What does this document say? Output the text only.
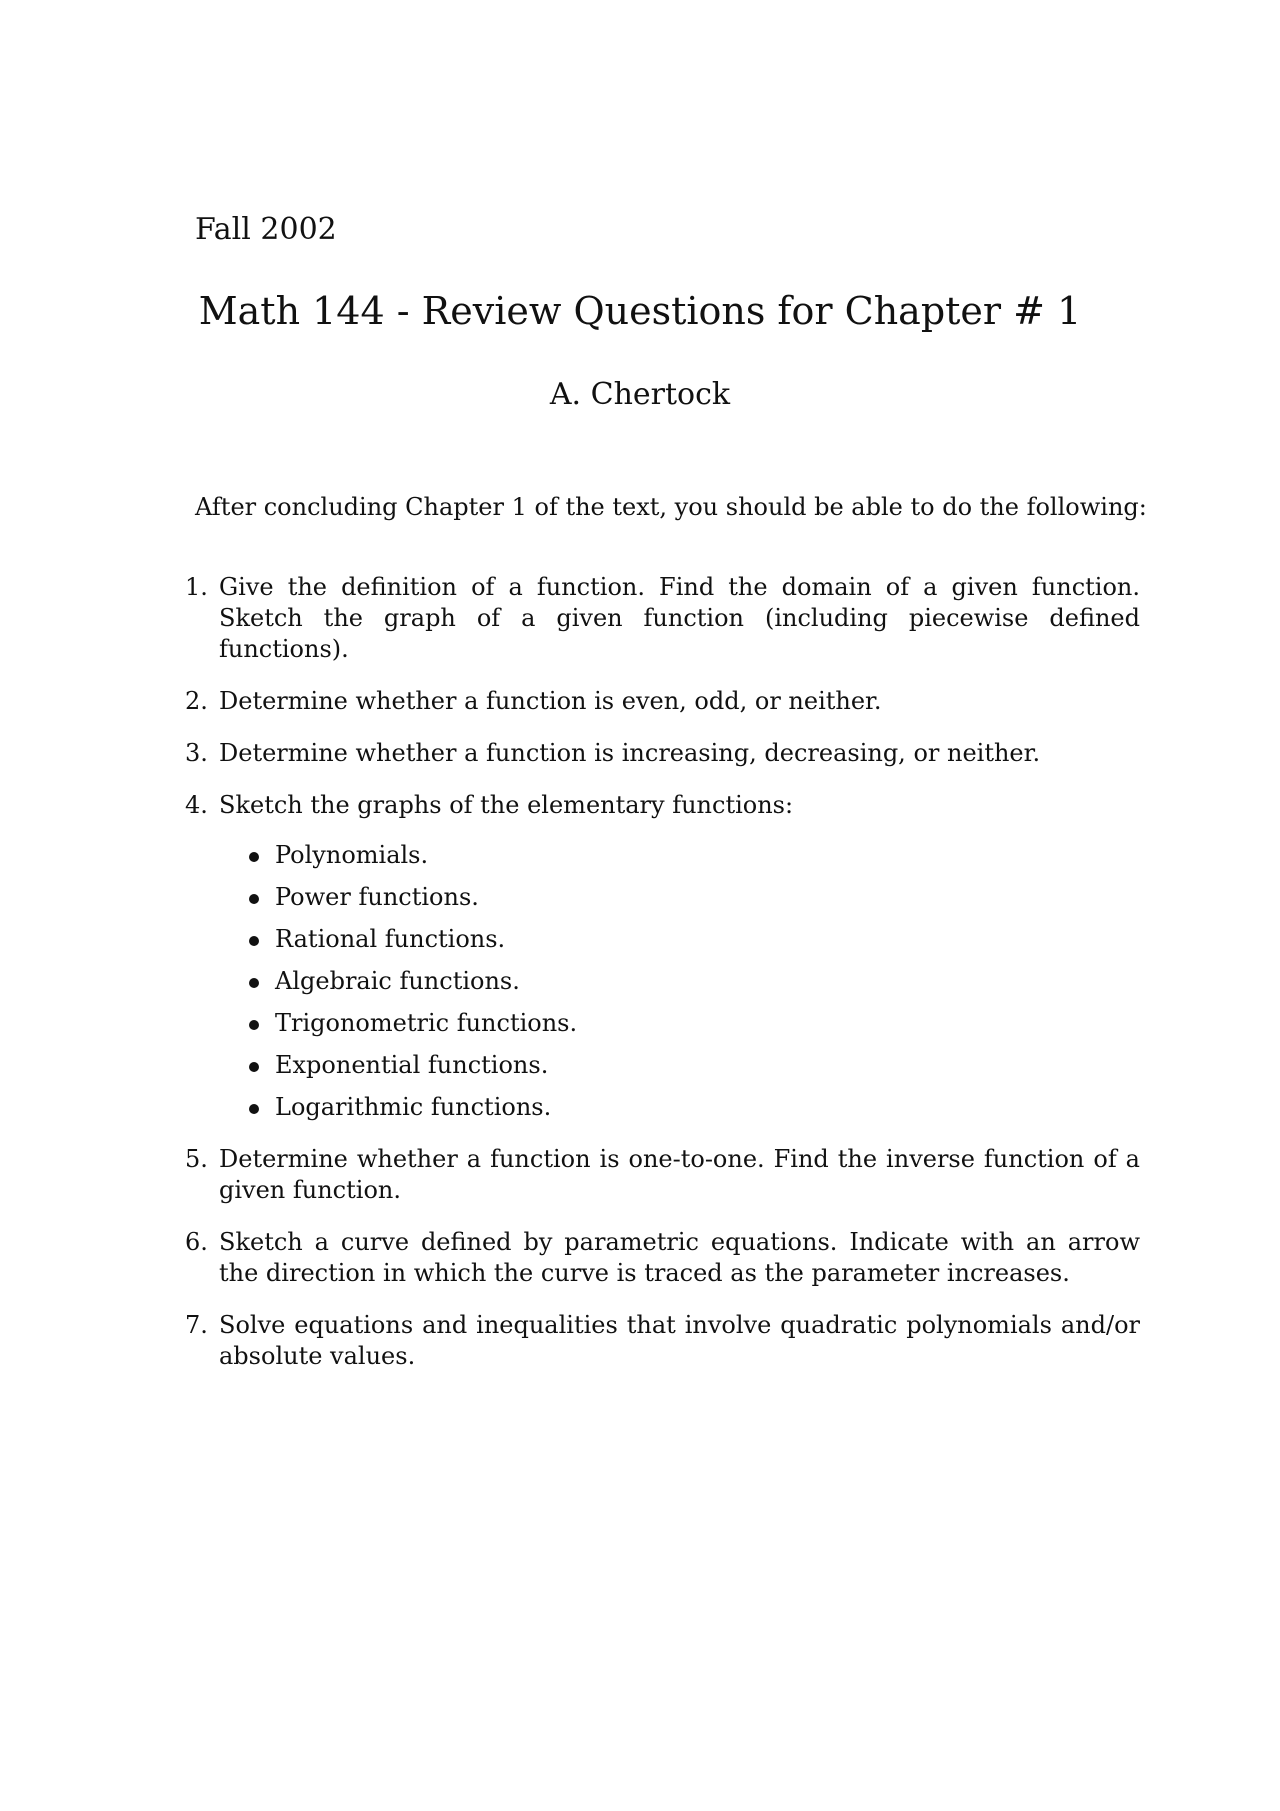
Fall 2002
Math 144 - Review Questions for Chapter # 1
A. Chertock
After concluding Chapter 1 of the text, you should be able to do the following:
1. Give the definition of a function. Find the domain of a given function. Sketch the graph of a given function (including piecewise defined functions).
2. Determine whether a function is even, odd, or neither.
3. Determine whether a function is increasing, decreasing, or neither.
4. Sketch the graphs of the elementary functions:
Polynomials.
Power functions.
Rational functions.
Algebraic functions.
Trigonometric functions.
Exponential functions.
Logarithmic functions.
5. Determine whether a function is one-to-one. Find the inverse function of a given function.
6. Sketch a curve defined by parametric equations. Indicate with an arrow the direction in which the curve is traced as the parameter increases.
7. Solve equations and inequalities that involve quadratic polynomials and/or absolute values.
